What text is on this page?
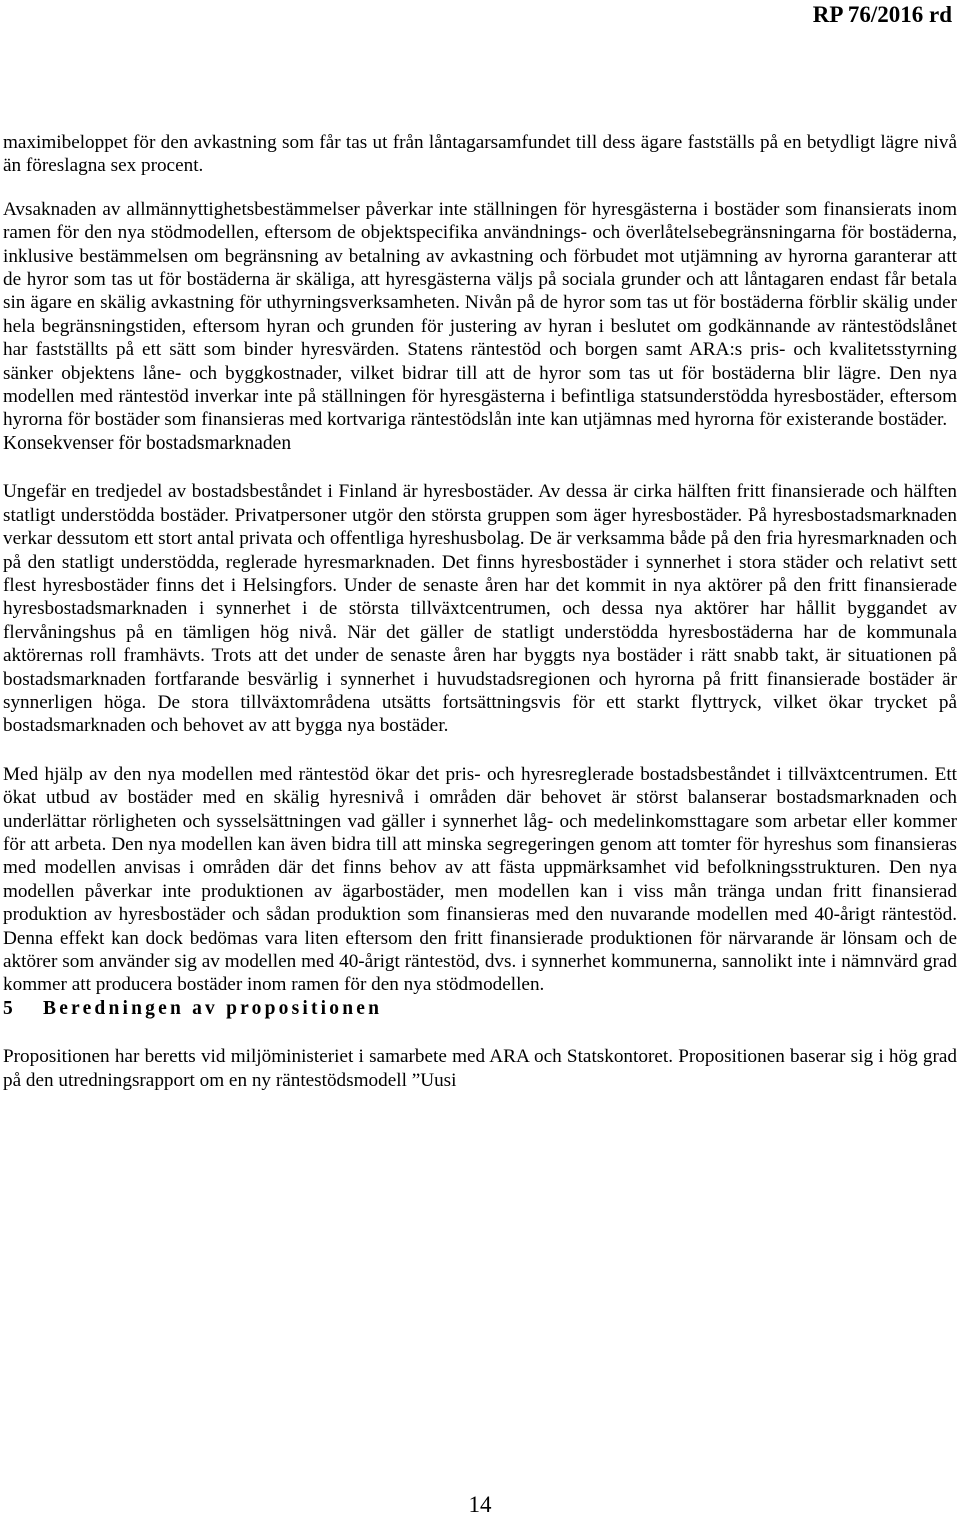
RP 76/2016 rd

maximibeloppet för den avkastning som får tas ut från låntagarsamfundet till dess ägare fastställs på en betydligt lägre nivå än föreslagna sex procent.

Avsaknaden av allmännyttighetsbestämmelser påverkar inte ställningen för hyresgästerna i bostäder som finansierats inom ramen för den nya stödmodellen, eftersom de objektspecifika användnings- och överlåtelsebegränsningarna för bostäderna, inklusive bestämmelsen om begränsning av betalning av avkastning och förbudet mot utjämning av hyrorna garanterar att de hyror som tas ut för bostäderna är skäliga, att hyresgästerna väljs på sociala grunder och att låntagaren endast får betala sin ägare en skälig avkastning för uthyrningsverksamheten. Nivån på de hyror som tas ut för bostäderna förblir skälig under hela begränsningstiden, eftersom hyran och grunden för justering av hyran i beslutet om godkännande av räntestödslånet har fastställts på ett sätt som binder hyresvärden. Statens räntestöd och borgen samt ARA:s pris- och kvalitetsstyrning sänker objektens låne- och byggkostnader, vilket bidrar till att de hyror som tas ut för bostäderna blir lägre. Den nya modellen med räntestöd inverkar inte på ställningen för hyresgästerna i befintliga statsunderstödda hyresbostäder, eftersom hyrorna för bostäder som finansieras med kortvariga räntestödslån inte kan utjämnas med hyrorna för existerande bostäder.

Konsekvenser för bostadsmarknaden

Ungefär en tredjedel av bostadsbeståndet i Finland är hyresbostäder. Av dessa är cirka hälften fritt finansierade och hälften statligt understödda bostäder. Privatpersoner utgör den största gruppen som äger hyresbostäder. På hyresbostadsmarknaden verkar dessutom ett stort antal privata och offentliga hyreshusbolag. De är verksamma både på den fria hyresmarknaden och på den statligt understödda, reglerade hyresmarknaden. Det finns hyresbostäder i synnerhet i stora städer och relativt sett flest hyresbostäder finns det i Helsingfors. Under de senaste åren har det kommit in nya aktörer på den fritt finansierade hyresbostadsmarknaden i synnerhet i de största tillväxtcentrumen, och dessa nya aktörer har hållit byggandet av flervåningshus på en tämligen hög nivå. När det gäller de statligt understödda hyresbostäderna har de kommunala aktörernas roll framhävts. Trots att det under de senaste åren har byggts nya bostäder i rätt snabb takt, är situationen på bostadsmarknaden fortfarande besvärlig i synnerhet i huvudstadsregionen och hyrorna på fritt finansierade bostäder är synnerligen höga. De stora tillväxtområdena utsätts fortsättningsvis för ett starkt flyttryck, vilket ökar trycket på bostadsmarknaden och behovet av att bygga nya bostäder.

Med hjälp av den nya modellen med räntestöd ökar det pris- och hyresreglerade bostadsbeståndet i tillväxtcentrumen. Ett ökat utbud av bostäder med en skälig hyresnivå i områden där behovet är störst balanserar bostadsmarknaden och underlättar rörligheten och sysselsättningen vad gäller i synnerhet låg- och medelinkomsttagare som arbetar eller kommer för att arbeta. Den nya modellen kan även bidra till att minska segregeringen genom att tomter för hyreshus som finansieras med modellen anvisas i områden där det finns behov av att fästa uppmärksamhet vid befolkningsstrukturen. Den nya modellen påverkar inte produktionen av ägarbostäder, men modellen kan i viss mån tränga undan fritt finansierad produktion av hyresbostäder och sådan produktion som finansieras med den nuvarande modellen med 40-årigt räntestöd. Denna effekt kan dock bedömas vara liten eftersom den fritt finansierade produktionen för närvarande är lönsam och de aktörer som använder sig av modellen med 40-årigt räntestöd, dvs. i synnerhet kommunerna, sannolikt inte i nämnvärd grad kommer att producera bostäder inom ramen för den nya stödmodellen.

5 Beredningen av propositionen

Propositionen har beretts vid miljöministeriet i samarbete med ARA och Statskontoret. Propositionen baserar sig i hög grad på den utredningsrapport om en ny räntestödsmodell ”Uusi

14
